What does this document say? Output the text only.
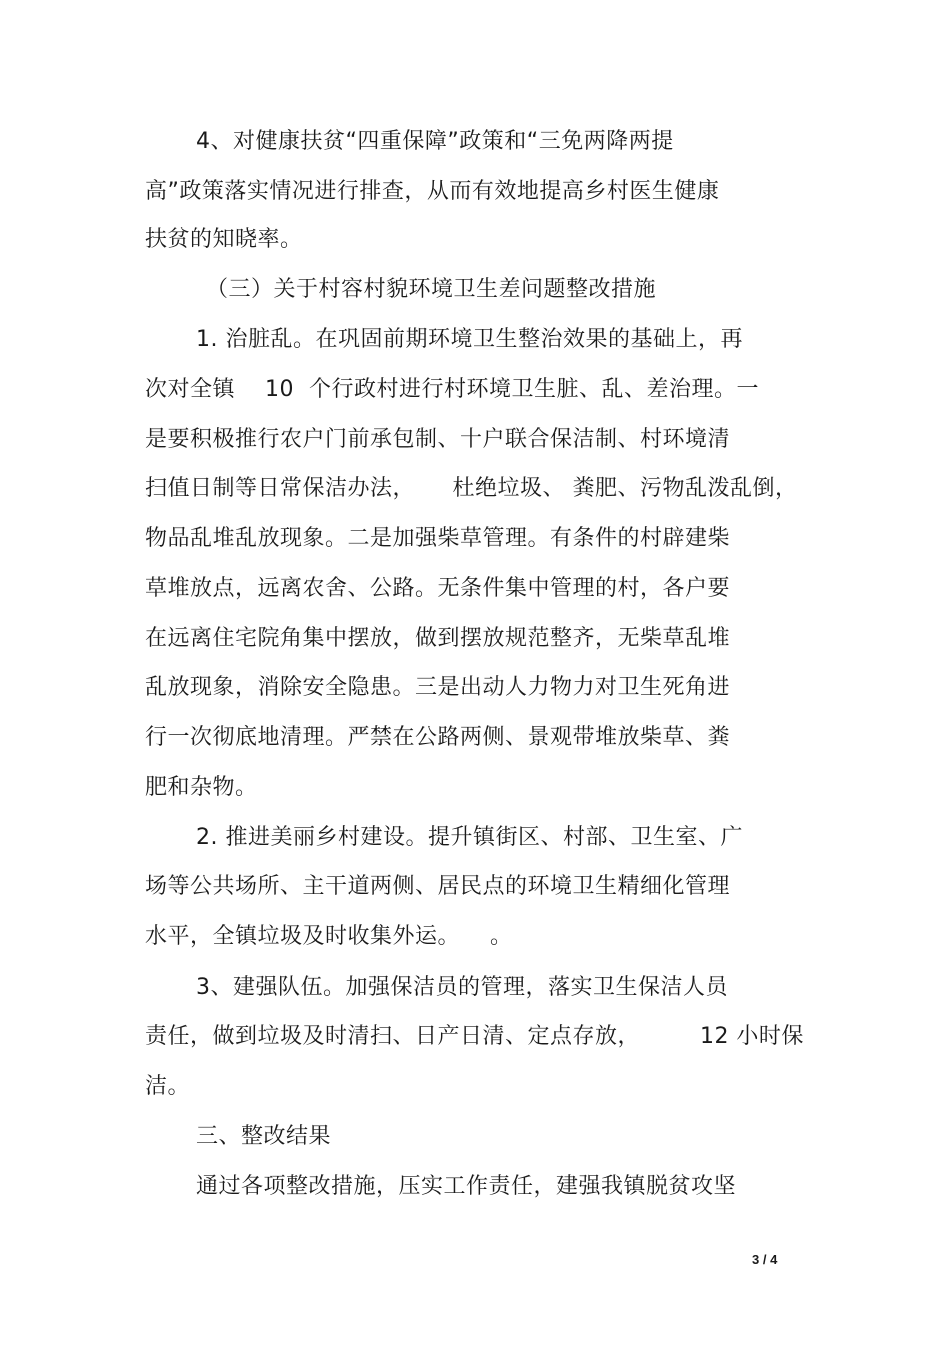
4、对健康扶贫“四重保障”政策和“三免两降两提
高”政策落实情况进行排查，从而有效地提高乡村医生健康
扶贫的知晓率。
（三）关于村容村貌环境卫生差问题整改措施
1. 治脏乱。在巩固前期环境卫生整治效果的基础上，再
次对全镇    10  个行政村进行村环境卫生脏、乱、差治理。一
是要积极推行农户门前承包制、十户联合保洁制、村环境清
扫值日制等日常保洁办法，     杜绝垃圾、 粪肥、污物乱泼乱倒，
物品乱堆乱放现象。二是加强柴草管理。有条件的村辟建柴
草堆放点，远离农舍、公路。无条件集中管理的村，各户要
在远离住宅院角集中摆放，做到摆放规范整齐，无柴草乱堆
乱放现象，消除安全隐患。三是出动人力物力对卫生死角进
行一次彻底地清理。严禁在公路两侧、景观带堆放柴草、粪
肥和杂物。
2. 推进美丽乡村建设。提升镇街区、村部、卫生室、广
场等公共场所、主干道两侧、居民点的环境卫生精细化管理
水平，全镇垃圾及时收集外运。    。
3、建强队伍。加强保洁员的管理，落实卫生保洁人员
责任，做到垃圾及时清扫、日产日清、定点存放，        12 小时保
洁。
三、整改结果
通过各项整改措施，压实工作责任，建强我镇脱贫攻坚
3 / 4
